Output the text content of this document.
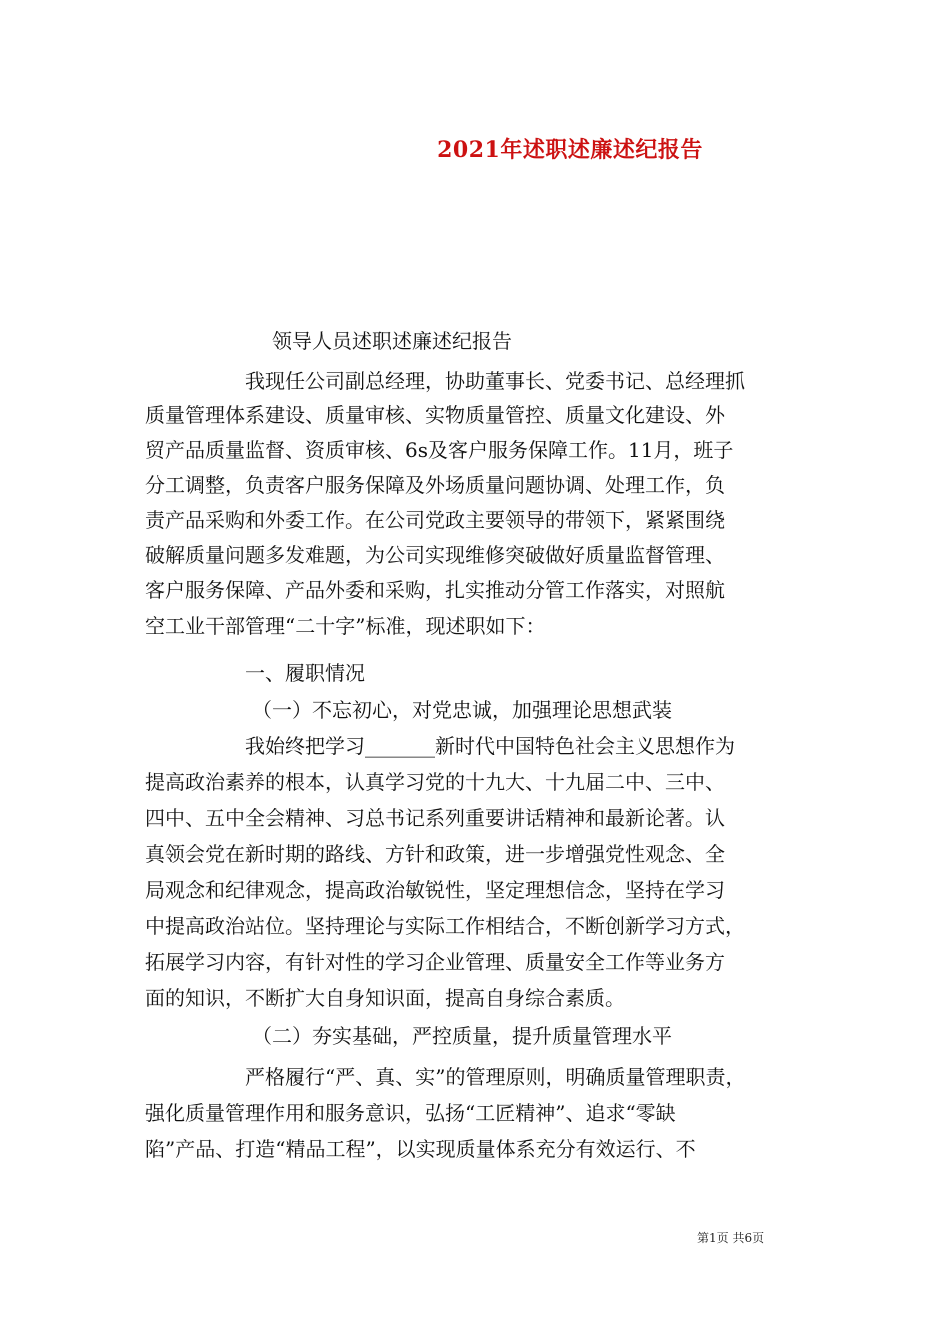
2021年述职述廉述纪报告
领导人员述职述廉述纪报告
我现任公司副总经理，协助董事长、党委书记、总经理抓
质量管理体系建设、质量审核、实物质量管控、质量文化建设、外
贸产品质量监督、资质审核、6s及客户服务保障工作。11月，班子
分工调整，负责客户服务保障及外场质量问题协调、处理工作，负
责产品采购和外委工作。在公司党政主要领导的带领下，紧紧围绕
破解质量问题多发难题，为公司实现维修突破做好质量监督管理、
客户服务保障、产品外委和采购，扎实推动分管工作落实，对照航
空工业干部管理“二十字”标准，现述职如下：
一、履职情况
（一）不忘初心，对党忠诚，加强理论思想武装
我始终把学习_______新时代中国特色社会主义思想作为
提高政治素养的根本，认真学习党的十九大、十九届二中、三中、
四中、五中全会精神、习总书记系列重要讲话精神和最新论著。认
真领会党在新时期的路线、方针和政策，进一步增强党性观念、全
局观念和纪律观念，提高政治敏锐性，坚定理想信念，坚持在学习
中提高政治站位。坚持理论与实际工作相结合，不断创新学习方式，
拓展学习内容，有针对性的学习企业管理、质量安全工作等业务方
面的知识，不断扩大自身知识面，提高自身综合素质。
（二）夯实基础，严控质量，提升质量管理水平
严格履行“严、真、实”的管理原则，明确质量管理职责，
强化质量管理作用和服务意识，弘扬“工匠精神”、追求“零缺
陷”产品、打造“精品工程”，以实现质量体系充分有效运行、不
第1页 共6页
